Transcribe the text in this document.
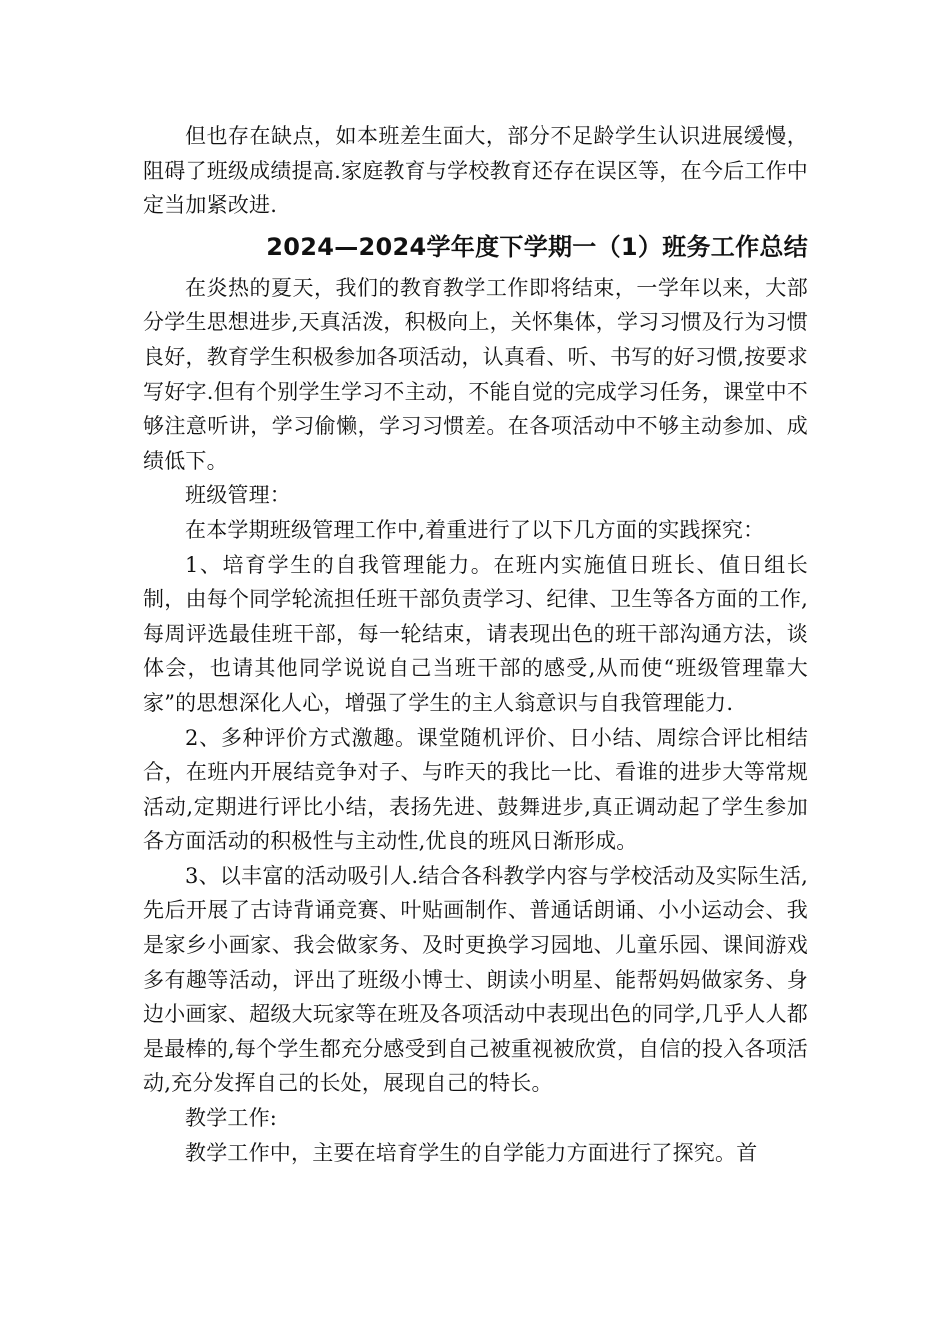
但也存在缺点，如本班差生面大，部分不足龄学生认识进展缓慢，阻碍了班级成绩提高.家庭教育与学校教育还存在误区等，在今后工作中定当加紧改进.

2024—2024学年度下学期一（1）班务工作总结

在炎热的夏天，我们的教育教学工作即将结束，一学年以来，大部分学生思想进步,天真活泼，积极向上，关怀集体，学习习惯及行为习惯良好，教育学生积极参加各项活动，认真看、听、书写的好习惯,按要求写好字.但有个别学生学习不主动，不能自觉的完成学习任务，课堂中不够注意听讲，学习偷懒，学习习惯差。在各项活动中不够主动参加、成绩低下。

班级管理：

在本学期班级管理工作中,着重进行了以下几方面的实践探究：

1、培育学生的自我管理能力。在班内实施值日班长、值日组长制，由每个同学轮流担任班干部负责学习、纪律、卫生等各方面的工作,每周评选最佳班干部，每一轮结束，请表现出色的班干部沟通方法，谈体会，也请其他同学说说自己当班干部的感受,从而使“班级管理靠大家”的思想深化人心，增强了学生的主人翁意识与自我管理能力.

2、多种评价方式激趣。课堂随机评价、日小结、周综合评比相结合，在班内开展结竞争对子、与昨天的我比一比、看谁的进步大等常规活动,定期进行评比小结，表扬先进、鼓舞进步,真正调动起了学生参加各方面活动的积极性与主动性,优良的班风日渐形成。

3、以丰富的活动吸引人.结合各科教学内容与学校活动及实际生活,先后开展了古诗背诵竞赛、叶贴画制作、普通话朗诵、小小运动会、我是家乡小画家、我会做家务、及时更换学习园地、儿童乐园、课间游戏多有趣等活动，评出了班级小博士、朗读小明星、能帮妈妈做家务、身边小画家、超级大玩家等在班及各项活动中表现出色的同学,几乎人人都是最棒的,每个学生都充分感受到自己被重视被欣赏，自信的投入各项活动,充分发挥自己的长处，展现自己的特长。

教学工作:

教学工作中，主要在培育学生的自学能力方面进行了探究。首
